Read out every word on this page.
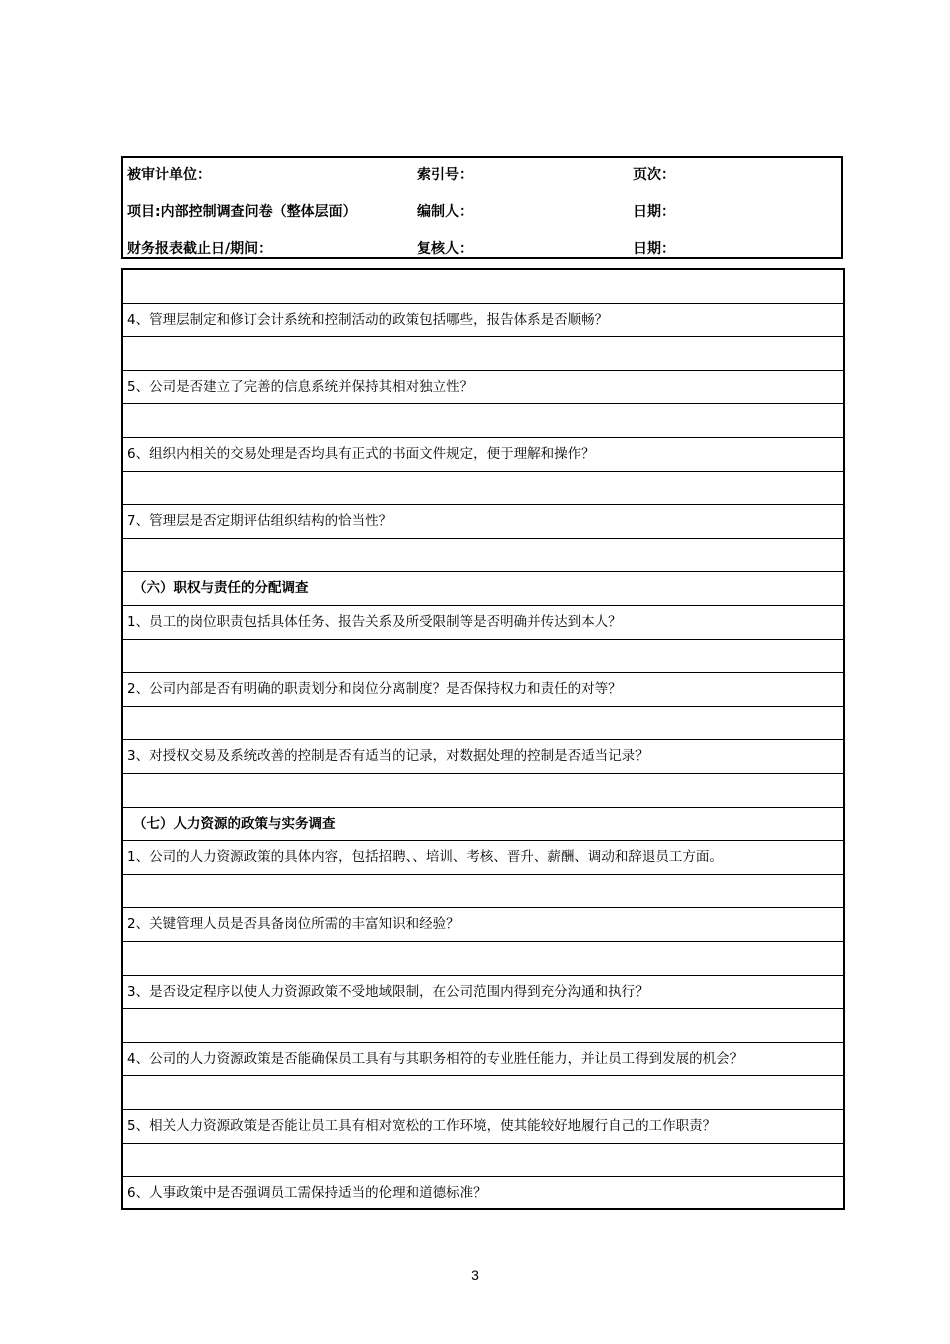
被审计单位：	索引号：	页次：
项目:内部控制调查问卷（整体层面）	编制人：	日期：
财务报表截止日/期间：	复核人：	日期：
4、管理层制定和修订会计系统和控制活动的政策包括哪些，报告体系是否顺畅？
5、公司是否建立了完善的信息系统并保持其相对独立性？
6、组织内相关的交易处理是否均具有正式的书面文件规定，便于理解和操作？
7、管理层是否定期评估组织结构的恰当性？
（六）职权与责任的分配调查
1、员工的岗位职责包括具体任务、报告关系及所受限制等是否明确并传达到本人？
2、公司内部是否有明确的职责划分和岗位分离制度？是否保持权力和责任的对等？
3、对授权交易及系统改善的控制是否有适当的记录，对数据处理的控制是否适当记录？
（七）人力资源的政策与实务调查
1、公司的人力资源政策的具体内容，包括招聘、、培训、考核、晋升、薪酬、调动和辞退员工方面。
2、关键管理人员是否具备岗位所需的丰富知识和经验？
3、是否设定程序以使人力资源政策不受地域限制，在公司范围内得到充分沟通和执行？
4、公司的人力资源政策是否能确保员工具有与其职务相符的专业胜任能力，并让员工得到发展的机会？
5、相关人力资源政策是否能让员工具有相对宽松的工作环境，使其能较好地履行自己的工作职责？
6、人事政策中是否强调员工需保持适当的伦理和道德标准？
3
